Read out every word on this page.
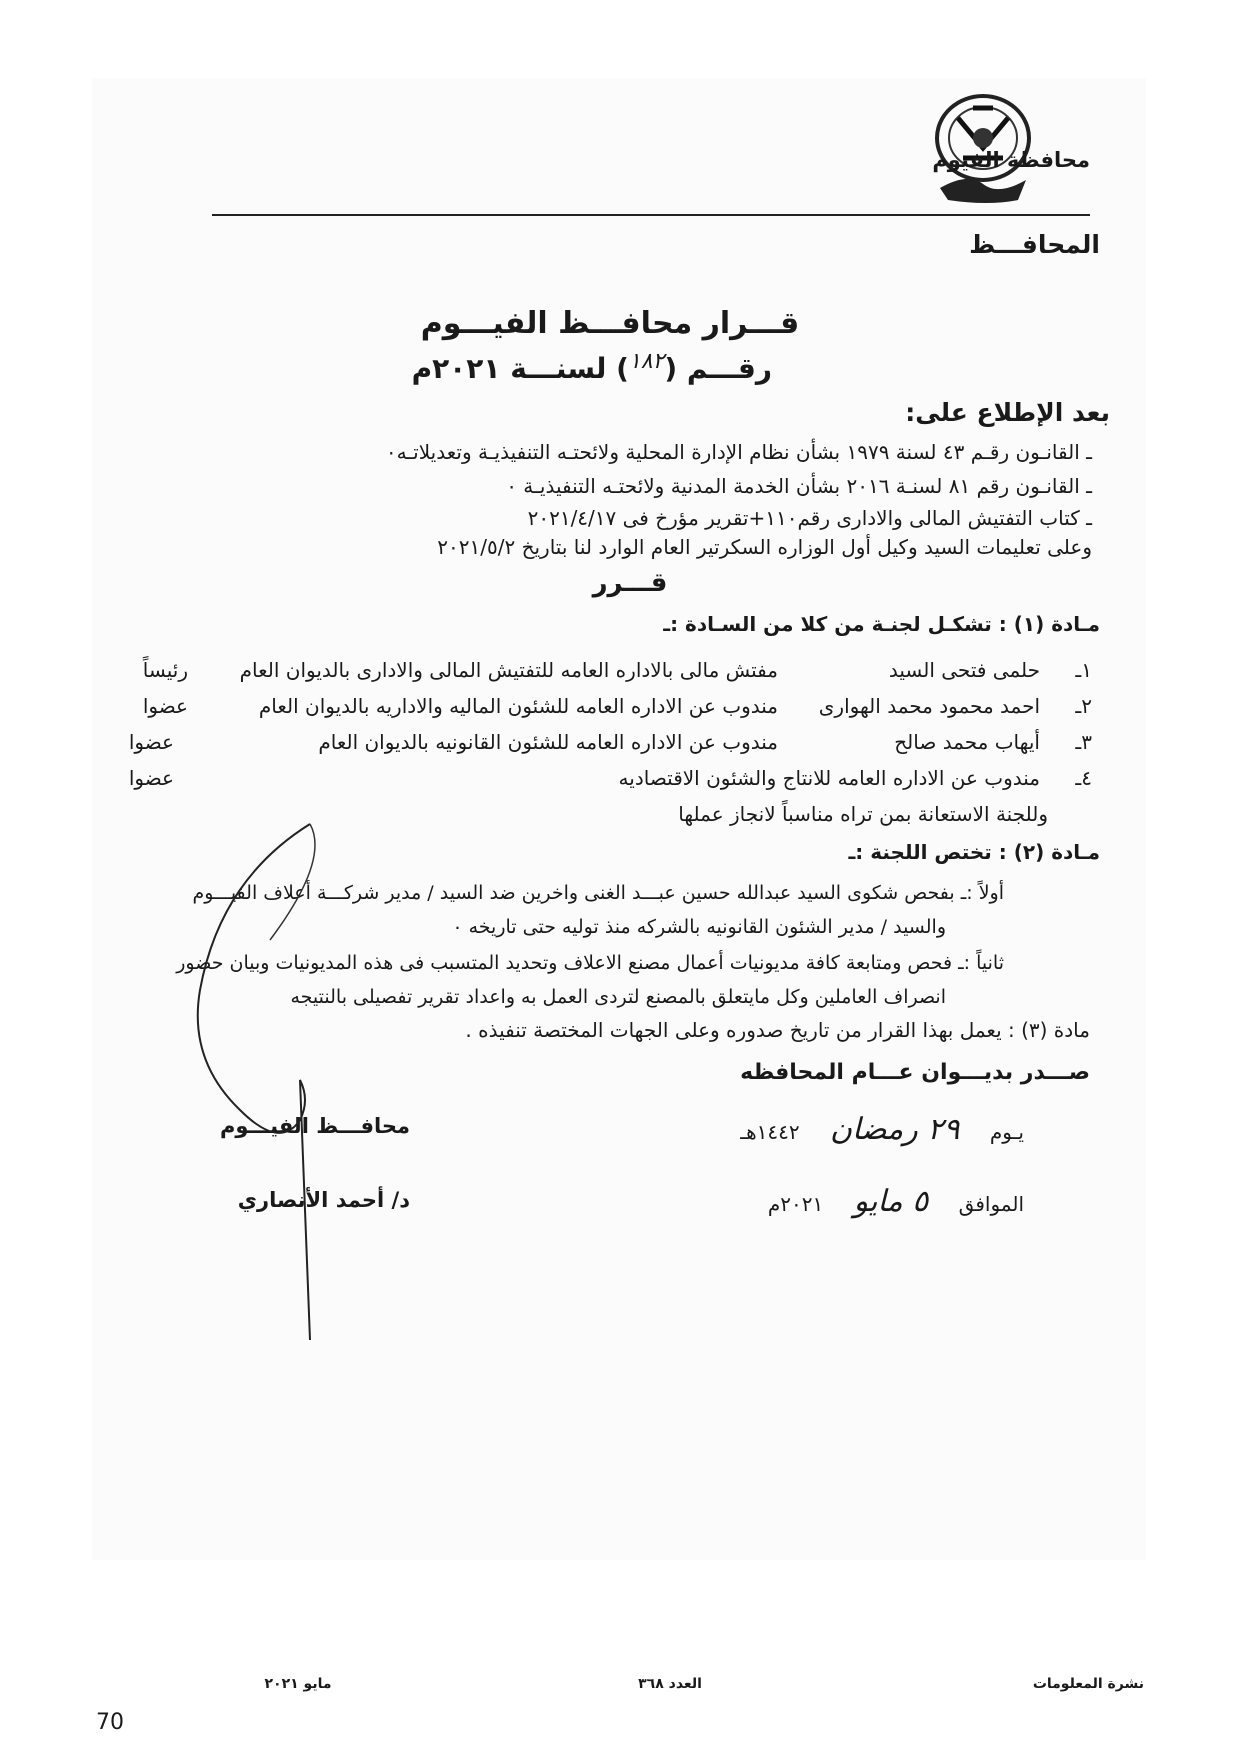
محافظة الفيوم
المحافـــظ
قـــرار محافـــظ الفيـــوم
رقـــم (١٨٢) لسنـــة ٢٠٢١م
بعد الإطلاع على:
ـ القانـون رقـم ٤٣ لسنة ١٩٧٩ بشأن نظام الإدارة المحلية ولائحتـه التنفيذيـة وتعديلاتـه٠
ـ القانـون رقم ٨١ لسنـة ٢٠١٦ بشأن الخدمة المدنية ولائحتـه التنفيذيـة ٠
ـ كتاب التفتيش المالى والادارى رقم١١٠+تقرير مؤرخ فى ٢٠٢١/٤/١٧
وعلى تعليمات السيد وكيل أول الوزاره السكرتير العام الوارد لنا بتاريخ ٢٠٢١/٥/٢
قـــرر
مـادة (١) : تشكـل لجنـة من كلا من السـادة :ـ
١ـ
حلمى فتحى السيد
مفتش مالى بالاداره العامه للتفتيش المالى والادارى بالديوان العام
رئيساً
٢ـ
احمد محمود محمد الهوارى
مندوب عن الاداره العامه للشئون الماليه والاداريه بالديوان العام
عضوا
٣ـ
أيهاب محمد صالح
مندوب عن الاداره العامه للشئون القانونيه بالديوان العام
عضوا
٤ـ
مندوب عن الاداره العامه للانتاج والشئون الاقتصاديه
عضوا
وللجنة الاستعانة بمن تراه مناسباً لانجاز عملها
مـادة (٢) : تختص اللجنة :ـ
أولاً :ـ بفحص شكوى السيد عبدالله حسين عبـــد الغنى واخرين ضد السيد / مدير شركـــة أعلاف الفيـــوم
والسيد / مدير الشئون القانونيه بالشركه منذ توليه حتى تاريخه ٠
ثانياً :ـ فحص ومتابعة كافة مديونيات أعمال مصنع الاعلاف وتحديد المتسبب فى هذه المديونيات وبيان حضور
انصراف العاملين وكل مايتعلق بالمصنع لتردى العمل به واعداد تقرير تفصيلى بالنتيجه
مادة (٣) : يعمل بهذا القرار من تاريخ صدوره وعلى الجهات المختصة تنفيذه .
صـــدر بديـــوان عـــام المحافظه
يـوم ٢٩ رمضان ١٤٤٢هـ
الموافق ٥ مايو ٢٠٢١م
محافـــظ الفيـــوم
د/ أحمد الأنصاري
مايو ٢٠٢١	العدد ٣٦٨	نشرة المعلومات
70
